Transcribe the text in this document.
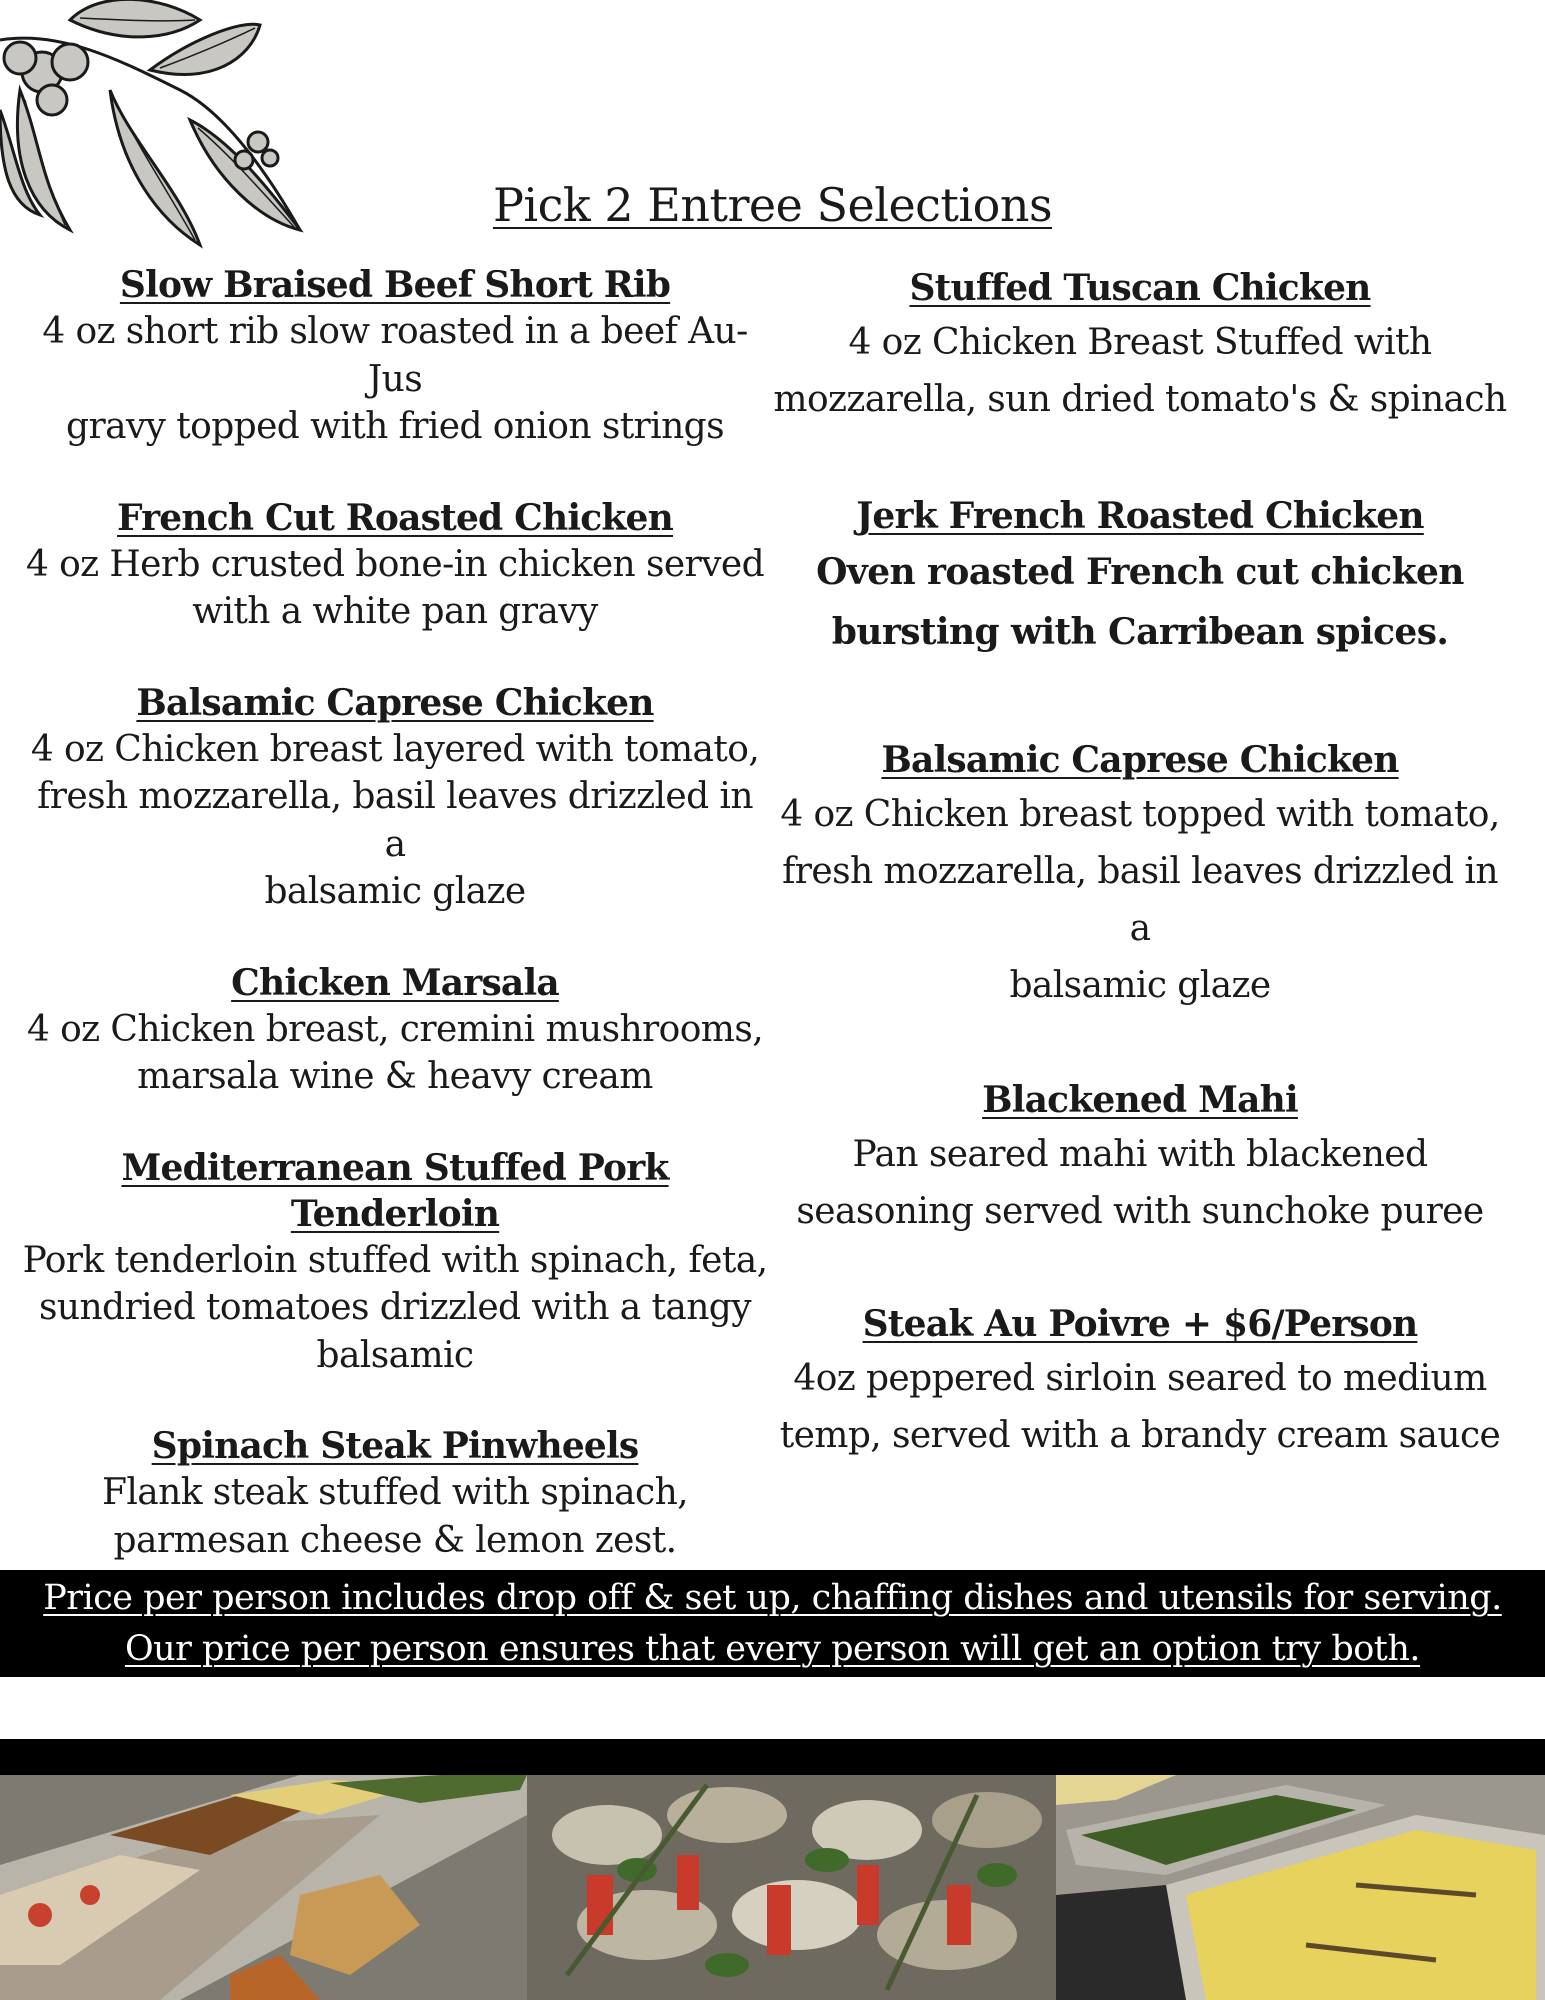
Pick 2 Entree Selections

Slow Braised Beef Short Rib

4 oz short rib slow roasted in a beef Au-Jus

gravy topped with fried onion strings

French Cut Roasted Chicken

4 oz Herb crusted bone-in chicken served

with a white pan gravy

Balsamic Caprese Chicken

4 oz Chicken breast layered with tomato,

fresh mozzarella, basil leaves drizzled in a

balsamic glaze

Chicken Marsala

4 oz Chicken breast, cremini mushrooms,

marsala wine & heavy cream

Mediterranean Stuffed Pork Tenderloin

Pork tenderloin stuffed with spinach, feta,

sundried tomatoes drizzled with a tangy

balsamic

Spinach Steak Pinwheels

Flank steak stuffed with spinach,

parmesan cheese & lemon zest.

Stuffed Tuscan Chicken

4 oz Chicken Breast Stuffed with

mozzarella, sun dried tomato's & spinach

Jerk French Roasted Chicken

Oven roasted French cut chicken

bursting with Carribean spices.

Balsamic Caprese Chicken

4 oz Chicken breast topped with tomato,

fresh mozzarella, basil leaves drizzled in a

balsamic glaze

Blackened Mahi

Pan seared mahi with blackened

seasoning served with sunchoke puree

Steak Au Poivre + $6/Person

4oz peppered sirloin seared to medium

temp, served with a brandy cream sauce

Price per person includes drop off & set up, chaffing dishes and utensils for serving.

Our price per person ensures that every person will get an option try both.
